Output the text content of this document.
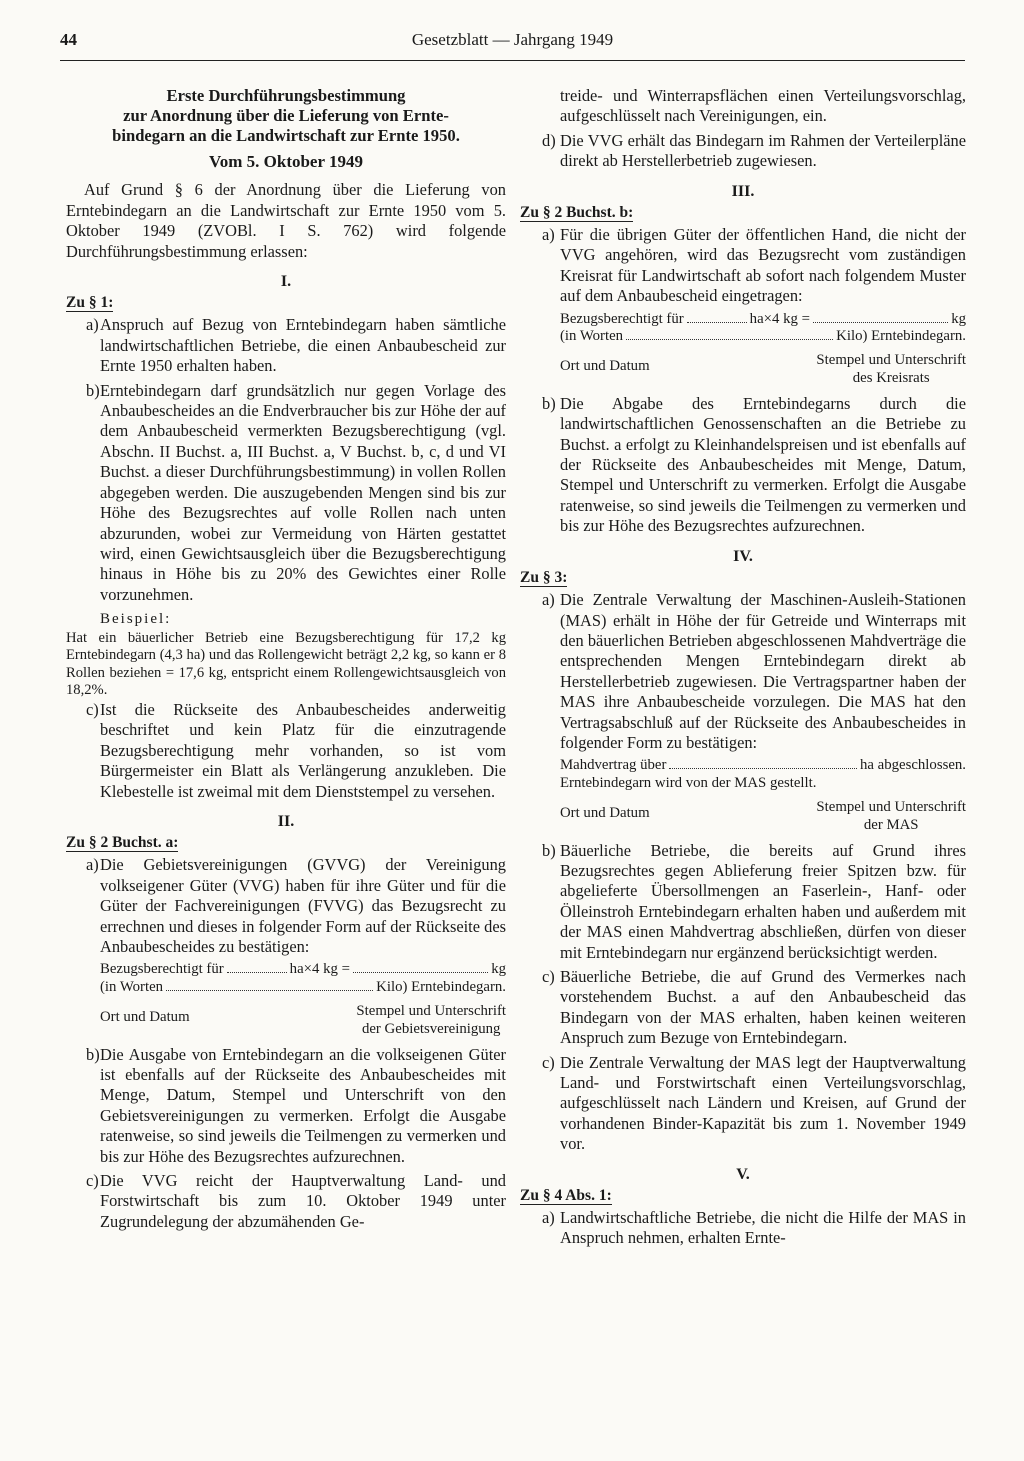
44	Gesetzblatt — Jahrgang 1949
Erste Durchführungsbestimmung
zur Anordnung über die Lieferung von Ernte-
bindegarn an die Landwirtschaft zur Ernte 1950.
Vom 5. Oktober 1949

Auf Grund § 6 der Anordnung über die Lieferung von Erntebindegarn an die Landwirtschaft zur Ernte 1950 vom 5. Oktober 1949 (ZVOBl. I S. 762) wird folgende Durchführungsbestimmung erlassen:

I.
Zu § 1:
a) Anspruch auf Bezug von Erntebindegarn haben sämtliche landwirtschaftlichen Betriebe, die einen Anbaubescheid zur Ernte 1950 erhalten haben.

b) Erntebindegarn darf grundsätzlich nur gegen Vorlage des Anbaubescheides an die Endverbraucher bis zur Höhe der auf dem Anbaubescheid vermerkten Bezugsberechtigung (vgl. Abschn. II Buchst. a, III Buchst. a, V Buchst. b, c, d und VI Buchst. a dieser Durchführungsbestimmung) in vollen Rollen abgegeben werden. Die auszugebenden Mengen sind bis zur Höhe des Bezugsrechtes auf volle Rollen nach unten abzurunden, wobei zur Vermeidung von Härten gestattet wird, einen Gewichtsausgleich über die Bezugsberechtigung hinaus in Höhe bis zu 20% des Gewichtes einer Rolle vorzunehmen.

Beispiel:

Hat ein bäuerlicher Betrieb eine Bezugsberechtigung für 17,2 kg Erntebindegarn (4,3 ha) und das Rollengewicht beträgt 2,2 kg, so kann er 8 Rollen beziehen = 17,6 kg, entspricht einem Rollengewichtsausgleich von 18,2%.

c) Ist die Rückseite des Anbaubescheides anderweitig beschriftet und kein Platz für die einzutragende Bezugsberechtigung mehr vorhanden, so ist vom Bürgermeister ein Blatt als Verlängerung anzukleben. Die Klebestelle ist zweimal mit dem Dienststempel zu versehen.

II.
Zu § 2 Buchst. a:
a) Die Gebietsvereinigungen (GVVG) der Vereinigung volkseigener Güter (VVG) haben für ihre Güter und für die Güter der Fachvereinigungen (FVVG) das Bezugsrecht zu errechnen und dieses in folgender Form auf der Rückseite des Anbaubescheides zu bestätigen:

Bezugsberechtigt für	ha×4 kg =	kg
(in Worten	Kilo) Erntebindegarn.
Ort und Datum	Stempel und Unterschrift
der Gebietsvereinigung
b) Die Ausgabe von Erntebindegarn an die volkseigenen Güter ist ebenfalls auf der Rückseite des Anbaubescheides mit Menge, Datum, Stempel und Unterschrift von den Gebietsvereinigungen zu vermerken. Erfolgt die Ausgabe ratenweise, so sind jeweils die Teilmengen zu vermerken und bis zur Höhe des Bezugsrechtes aufzurechnen.

c) Die VVG reicht der Hauptverwaltung Land- und Forstwirtschaft bis zum 10. Oktober 1949 unter Zugrundelegung der abzumähenden Ge-

treide- und Winterrapsflächen einen Verteilungsvorschlag, aufgeschlüsselt nach Vereinigungen, ein.

d) Die VVG erhält das Bindegarn im Rahmen der Verteilerpläne direkt ab Herstellerbetrieb zugewiesen.

III.
Zu § 2 Buchst. b:
a) Für die übrigen Güter der öffentlichen Hand, die nicht der VVG angehören, wird das Bezugsrecht vom zuständigen Kreisrat für Landwirtschaft ab sofort nach folgendem Muster auf dem Anbaubescheid eingetragen:

Bezugsberechtigt für	ha×4 kg =	kg
(in Worten	Kilo) Erntebindegarn.
Ort und Datum	Stempel und Unterschrift
des Kreisrats
b) Die Abgabe des Erntebindegarns durch die landwirtschaftlichen Genossenschaften an die Betriebe zu Buchst. a erfolgt zu Kleinhandelspreisen und ist ebenfalls auf der Rückseite des Anbaubescheides mit Menge, Datum, Stempel und Unterschrift zu vermerken. Erfolgt die Ausgabe ratenweise, so sind jeweils die Teilmengen zu vermerken und bis zur Höhe des Bezugsrechtes aufzurechnen.

IV.
Zu § 3:
a) Die Zentrale Verwaltung der Maschinen-Ausleih-Stationen (MAS) erhält in Höhe der für Getreide und Winterraps mit den bäuerlichen Betrieben abgeschlossenen Mahdverträge die entsprechenden Mengen Erntebindegarn direkt ab Herstellerbetrieb zugewiesen. Die Vertragspartner haben der MAS ihre Anbaubescheide vorzulegen. Die MAS hat den Vertragsabschluß auf der Rückseite des Anbaubescheides in folgender Form zu bestätigen:

Mahdvertrag über	ha abgeschlossen.
Erntebindegarn wird von der MAS gestellt.
Ort und Datum	Stempel und Unterschrift
der MAS
b) Bäuerliche Betriebe, die bereits auf Grund ihres Bezugsrechtes gegen Ablieferung freier Spitzen bzw. für abgelieferte Übersollmengen an Faserlein-, Hanf- oder Ölleinstroh Erntebindegarn erhalten haben und außerdem mit der MAS einen Mahdvertrag abschließen, dürfen von dieser mit Erntebindegarn nur ergänzend berücksichtigt werden.

c) Bäuerliche Betriebe, die auf Grund des Vermerkes nach vorstehendem Buchst. a auf den Anbaubescheid das Bindegarn von der MAS erhalten, haben keinen weiteren Anspruch zum Bezuge von Erntebindegarn.

c) Die Zentrale Verwaltung der MAS legt der Hauptverwaltung Land- und Forstwirtschaft einen Verteilungsvorschlag, aufgeschlüsselt nach Ländern und Kreisen, auf Grund der vorhandenen Binder-Kapazität bis zum 1. November 1949 vor.

V.
Zu § 4 Abs. 1:
a) Landwirtschaftliche Betriebe, die nicht die Hilfe der MAS in Anspruch nehmen, erhalten Ernte-
